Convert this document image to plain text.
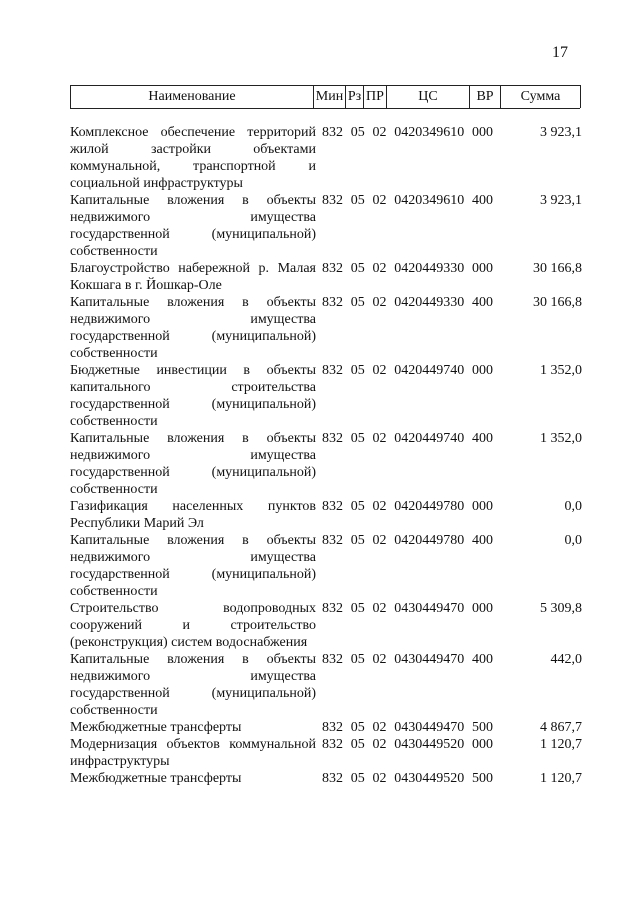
17
Наименование	Мин Рз ПР	ЦС	ВР	Сумма
Комплексное обеспечение территорий жилой застройки объектами коммунальной, транспортной и социальной инфраструктуры
832 05 02 0420349610 000	3 923,1
Капитальные вложения в объекты недвижимого имущества государственной (муниципальной) собственности
832 05 02 0420349610 400	3 923,1
Благоустройство набережной р. Малая Кокшага в г. Йошкар-Оле
832 05 02 0420449330 000	30 166,8
Капитальные вложения в объекты недвижимого имущества государственной (муниципальной) собственности
832 05 02 0420449330 400	30 166,8
Бюджетные инвестиции в объекты капитального строительства государственной (муниципальной) собственности
832 05 02 0420449740 000	1 352,0
Капитальные вложения в объекты недвижимого имущества государственной (муниципальной) собственности
832 05 02 0420449740 400	1 352,0
Газификация населенных пунктов Республики Марий Эл
832 05 02 0420449780 000	0,0
Капитальные вложения в объекты недвижимого имущества государственной (муниципальной) собственности
832 05 02 0420449780 400	0,0
Строительство водопроводных сооружений и строительство (реконструкция) систем водоснабжения
832 05 02 0430449470 000	5 309,8
Капитальные вложения в объекты недвижимого имущества государственной (муниципальной) собственности
832 05 02 0430449470 400	442,0
Межбюджетные трансферты	832 05 02 0430449470 500	4 867,7
Модернизация объектов коммунальной инфраструктуры
832 05 02 0430449520 000	1 120,7
Межбюджетные трансферты	832 05 02 0430449520 500	1 120,7
